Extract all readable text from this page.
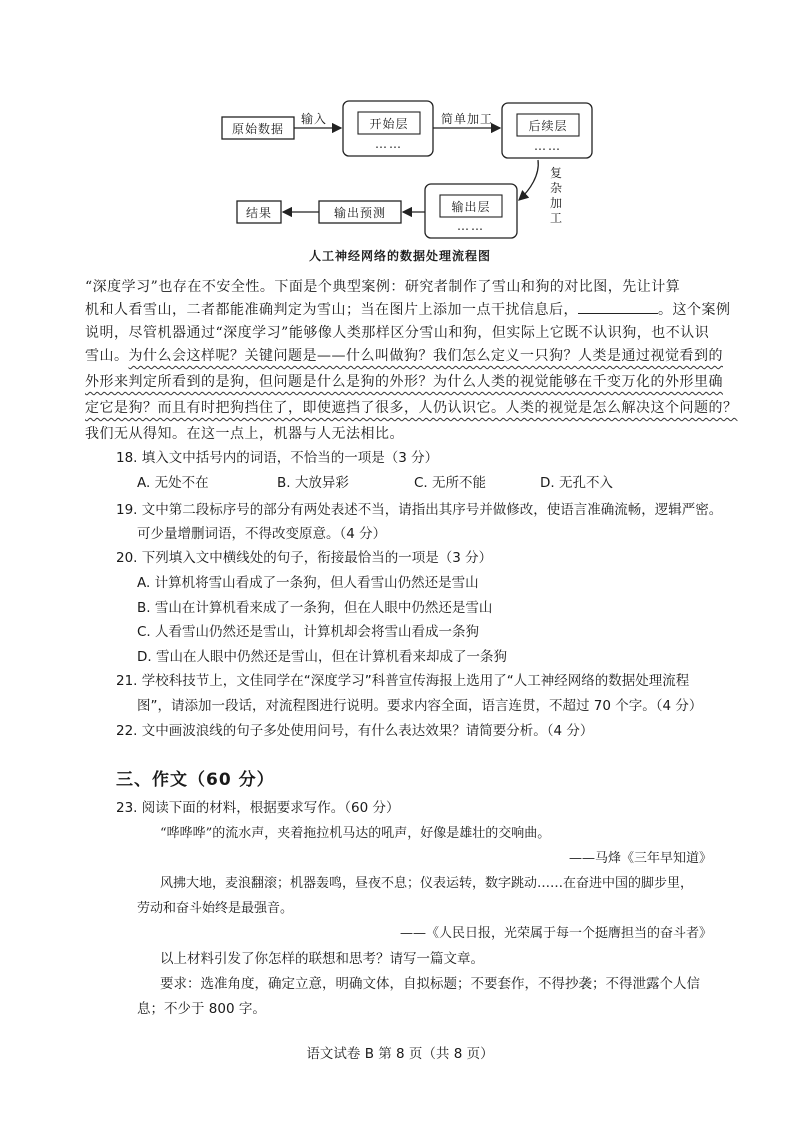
原始数据
输入	开始层
……
简单加工	后续层
……
复杂加工
输出层
……
输出预测
结果
人工神经网络的数据处理流程图
“深度学习”也存在不安全性。下面是个典型案例：研究者制作了雪山和狗的对比图，先让计算
机和人看雪山，二者都能准确判定为雪山；当在图片上添加一点干扰信息后，	。这个案例
说明，尽管机器通过“深度学习”能够像人类那样区分雪山和狗，但实际上它既不认识狗，也不认识
雪山。为什么会这样呢？关键问题是——什么叫做狗？我们怎么定义一只狗？人类是通过视觉看到的
外形来判定所看到的是狗，但问题是什么是狗的外形？为什么人类的视觉能够在千变万化的外形里确
定它是狗？而且有时把狗挡住了，即使遮挡了很多，人仍认识它。人类的视觉是怎么解决这个问题的？
我们无从得知。在这一点上，机器与人无法相比。
18. 填入文中括号内的词语，不恰当的一项是（3 分）
A. 无处不在	B. 大放异彩	C. 无所不能	D. 无孔不入
19. 文中第二段标序号的部分有两处表述不当，请指出其序号并做修改，使语言准确流畅，逻辑严密。
可少量增删词语，不得改变原意。（4 分）
20. 下列填入文中横线处的句子，衔接最恰当的一项是（3 分）
A. 计算机将雪山看成了一条狗，但人看雪山仍然还是雪山
B. 雪山在计算机看来成了一条狗，但在人眼中仍然还是雪山
C. 人看雪山仍然还是雪山，计算机却会将雪山看成一条狗
D. 雪山在人眼中仍然还是雪山，但在计算机看来却成了一条狗
21. 学校科技节上，文佳同学在“深度学习”科普宣传海报上选用了“人工神经网络的数据处理流程
图”，请添加一段话，对流程图进行说明。要求内容全面，语言连贯，不超过 70 个字。（4 分）
22. 文中画波浪线的句子多处使用问号，有什么表达效果？请简要分析。（4 分）
三、作文（60 分）
23. 阅读下面的材料，根据要求写作。（60 分）
“哗哗哗”的流水声，夹着拖拉机马达的吼声，好像是雄壮的交响曲。
——马烽《三年早知道》
风拂大地，麦浪翻滚；机器轰鸣，昼夜不息；仪表运转，数字跳动……在奋进中国的脚步里，
劳动和奋斗始终是最强音。
——《人民日报，光荣属于每一个挺膺担当的奋斗者》
以上材料引发了你怎样的联想和思考？请写一篇文章。
要求：选准角度，确定立意，明确文体，自拟标题；不要套作，不得抄袭；不得泄露个人信
息；不少于 800 字。
语文试卷 B 第 8 页（共 8 页）
